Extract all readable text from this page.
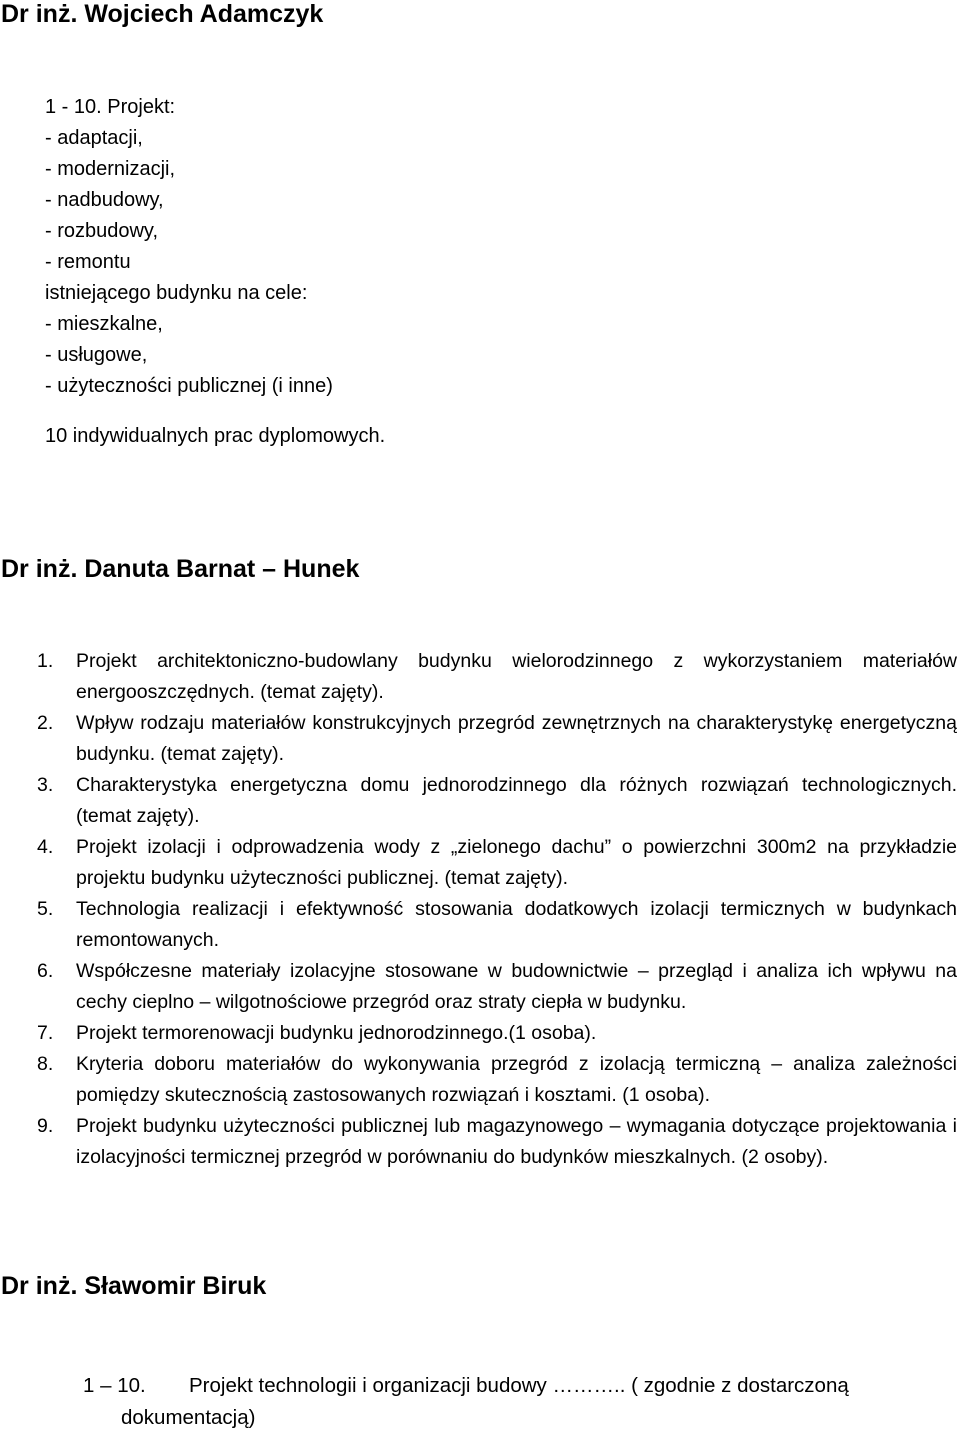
Dr inż. Wojciech Adamczyk
1 - 10. Projekt:
- adaptacji,
- modernizacji,
- nadbudowy,
- rozbudowy,
- remontu
istniejącego budynku na cele:
- mieszkalne,
- usługowe,
- użyteczności publicznej (i inne)
10 indywidualnych prac dyplomowych.
Dr inż. Danuta Barnat – Hunek
1. Projekt architektoniczno-budowlany budynku wielorodzinnego z wykorzystaniem materiałów energooszczędnych. (temat zajęty).
2. Wpływ rodzaju materiałów konstrukcyjnych przegród zewnętrznych na charakterystykę energetyczną budynku. (temat zajęty).
3. Charakterystyka energetyczna domu jednorodzinnego dla różnych rozwiązań technologicznych. (temat zajęty).
4. Projekt izolacji i odprowadzenia wody z „zielonego dachu” o powierzchni 300m2 na przykładzie projektu budynku użyteczności publicznej. (temat zajęty).
5. Technologia realizacji i efektywność stosowania dodatkowych izolacji termicznych w budynkach remontowanych.
6. Współczesne materiały izolacyjne stosowane w budownictwie – przegląd i analiza ich wpływu na cechy cieplno – wilgotnościowe przegród oraz straty ciepła w budynku.
7. Projekt termorenowacji budynku jednorodzinnego.(1 osoba).
8. Kryteria doboru materiałów do wykonywania przegród z izolacją termiczną – analiza zależności pomiędzy skutecznością zastosowanych rozwiązań i kosztami. (1 osoba).
9. Projekt budynku użyteczności publicznej lub magazynowego – wymagania dotyczące projektowania i izolacyjności termicznej przegród w porównaniu do budynków mieszkalnych. (2 osoby).
Dr inż. Sławomir Biruk
1 – 10. Projekt technologii i organizacji budowy ……….. ( zgodnie z dostarczoną
dokumentacją)
